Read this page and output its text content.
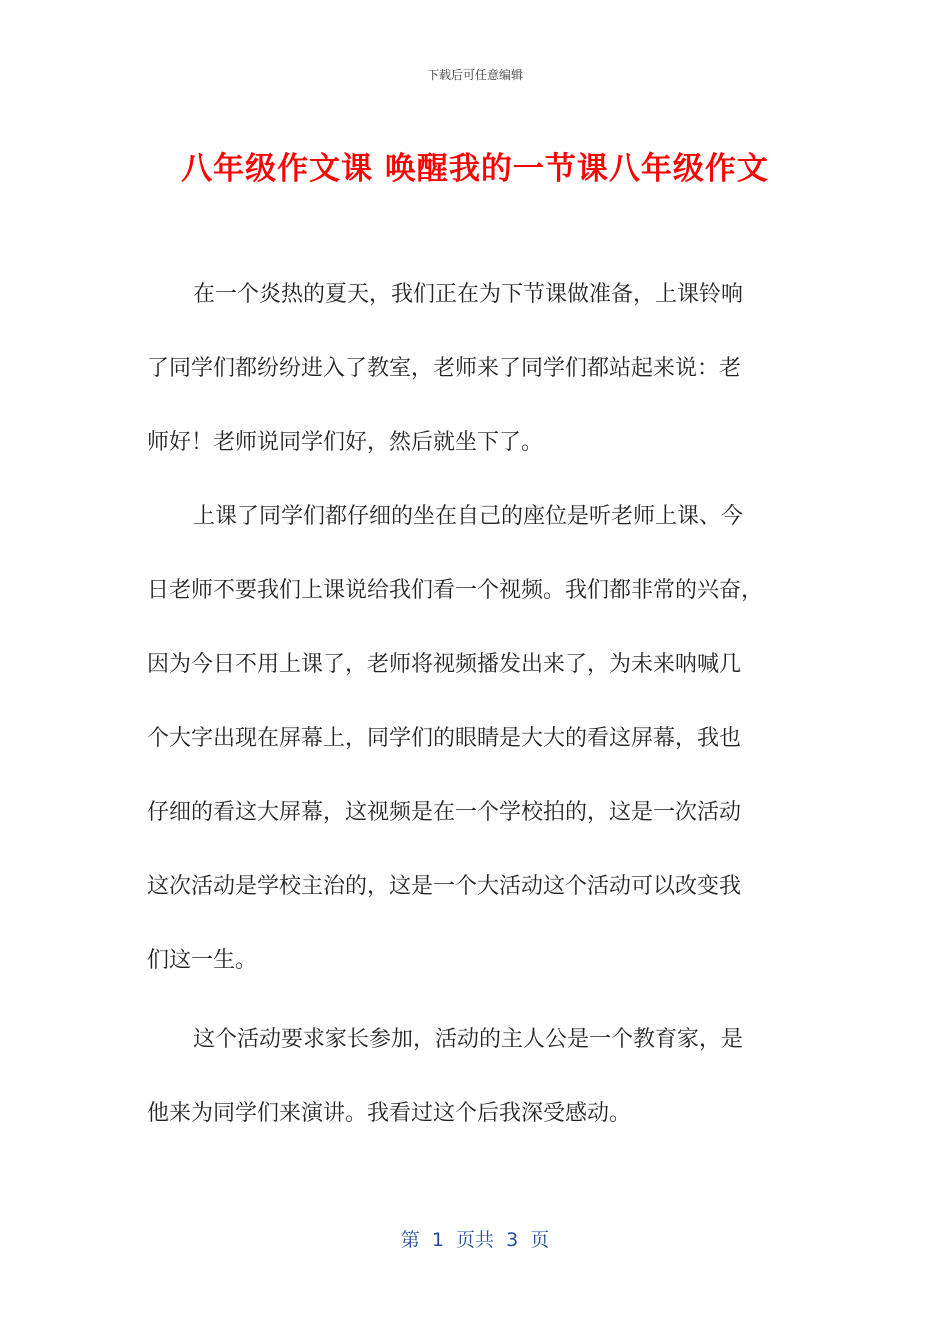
下载后可任意编辑
八年级作文课 唤醒我的一节课八年级作文
在一个炎热的夏天，我们正在为下节课做准备，上课铃响
了同学们都纷纷进入了教室，老师来了同学们都站起来说：老
师好！老师说同学们好，然后就坐下了。
上课了同学们都仔细的坐在自己的座位是听老师上课、今
日老师不要我们上课说给我们看一个视频。我们都非常的兴奋，
因为今日不用上课了，老师将视频播发出来了，为未来呐喊几
个大字出现在屏幕上，同学们的眼睛是大大的看这屏幕，我也
仔细的看这大屏幕，这视频是在一个学校拍的，这是一次活动
这次活动是学校主治的，这是一个大活动这个活动可以改变我
们这一生。
这个活动要求家长参加，活动的主人公是一个教育家，是
他来为同学们来演讲。我看过这个后我深受感动。
第  1  页共  3  页
